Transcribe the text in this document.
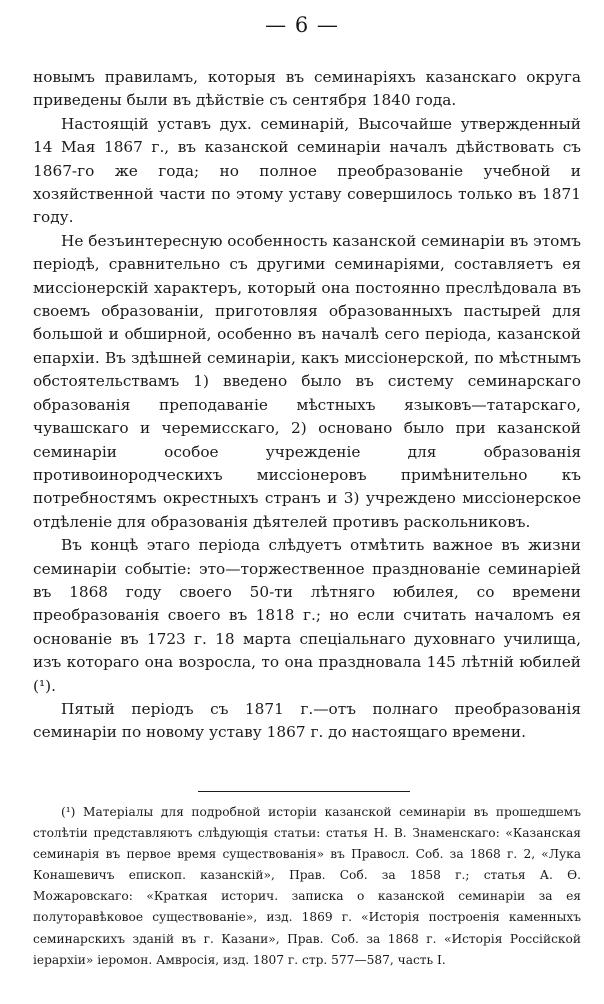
— 6 —

новымъ правиламъ, которыя въ семинаріяхъ казанскаго округа приведены были въ дѣйствіе съ сентября 1840 года.

Настоящій уставъ дух. семинарій, Высочайше утвержденный 14 Мая 1867 г., въ казанской семинаріи началъ дѣйствовать съ 1867-го же года; но полное преобразованіе учебной и хозяйственной части по этому уставу совершилось только въ 1871 году.

Не безъинтересную особенность казанской семинаріи въ этомъ періодѣ, сравнительно съ другими семинаріями, составляетъ ея миссіонерскій характеръ, который она постоянно преслѣдовала въ своемъ образованіи, приготовляя образованныхъ пастырей для большой и обширной, особенно въ началѣ сего періода, казанской епархіи. Въ здѣшней семинаріи, какъ миссіонерской, по мѣстнымъ обстоятельствамъ 1) введено было въ систему семинарскаго образованія преподаваніе мѣстныхъ языковъ—татарскаго, чувашскаго и черемисскаго, 2) основано было при казанской семинаріи особое учрежденіе для образованія противоинородческихъ миссіонеровъ примѣнительно къ потребностямъ окрестныхъ странъ и 3) учреждено миссіонерское отдѣленіе для образованія дѣятелей противъ раскольниковъ.

Въ концѣ этаго періода слѣдуетъ отмѣтить важное въ жизни семинаріи событіе: это—торжественное празднованіе семинаріей въ 1868 году своего 50-ти лѣтняго юбилея, со времени преобразованія своего въ 1818 г.; но если считать началомъ ея основаніе въ 1723 г. 18 марта спеціальнаго духовнаго училища, изъ котораго она возросла, то она праздновала 145 лѣтній юбилей (¹).

Пятый періодъ съ 1871 г.—отъ полнаго преобразованія семинаріи по новому уставу 1867 г. до настоящаго времени.

(¹) Матеріалы для подробной исторіи казанской семинаріи въ прошедшемъ столѣтіи представляютъ слѣдующія статьи: статья Н. В. Знаменскаго: «Казанская семинарія въ первое время существованія» въ Правосл. Соб. за 1868 г. 2, «Лука Конашевичъ епископ. казанскій», Прав. Соб. за 1858 г.; статья А. Ѳ. Можаровскаго: «Краткая историч. записка о казанской семинаріи за ея полуторавѣковое существованіе», изд. 1869 г. «Исторія построенія каменныхъ семинарскихъ зданій въ г. Казани», Прав. Соб. за 1868 г. «Исторія Россійской іерархіи» іеромон. Амвросія, изд. 1807 г. стр. 577—587, часть I.
